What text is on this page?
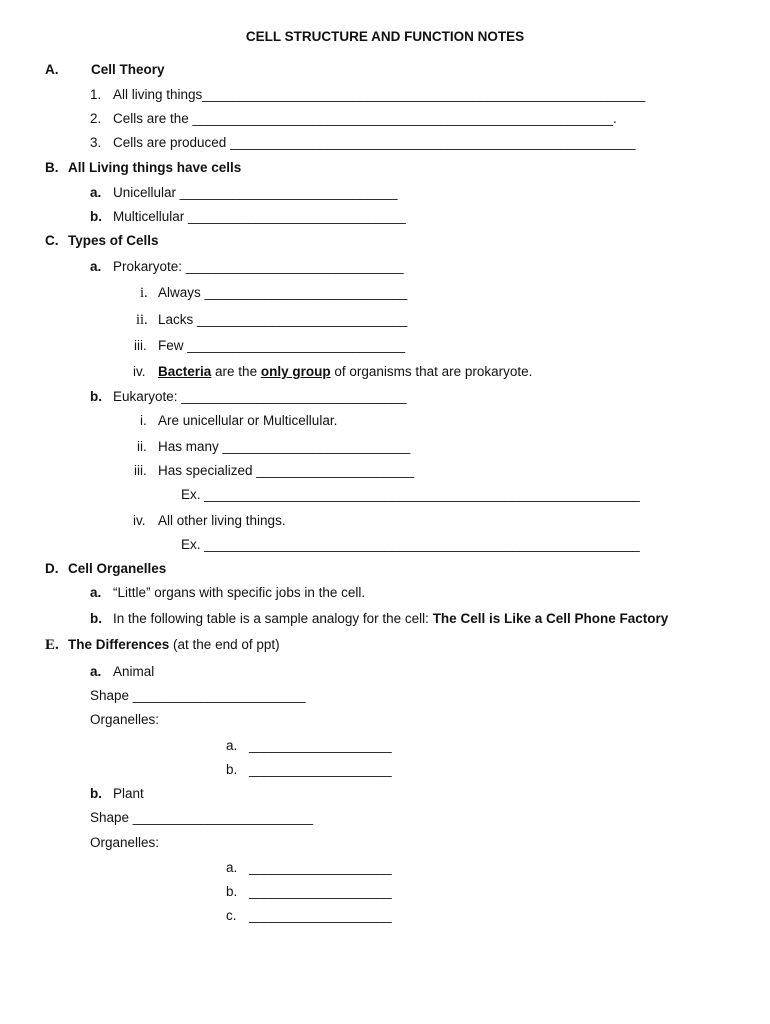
CELL STRUCTURE AND FUNCTION NOTES
A. Cell Theory
1. All living things___________________________________________________________
2. Cells are the ________________________________________________________.
3. Cells are produced ______________________________________________________
B. All Living things have cells
a. Unicellular _____________________________
b. Multicellular _____________________________
C. Types of Cells
a. Prokaryote: _____________________________
i. Always ___________________________
ii. Lacks ____________________________
iii. Few _____________________________
iv. Bacteria are the only group of organisms that are prokaryote.
b. Eukaryote: ______________________________
i. Are unicellular or Multicellular.
ii. Has many _________________________
iii. Has specialized _____________________
Ex. __________________________________________________________
iv. All other living things.
Ex. __________________________________________________________
D. Cell Organelles
a. “Little” organs with specific jobs in the cell.
b. In the following table is a sample analogy for the cell: The Cell is Like a Cell Phone Factory
E. The Differences (at the end of ppt)
a. Animal
Shape _______________________
Organelles:
a. ___________________
b. ___________________
b. Plant
Shape ________________________
Organelles:
a. ___________________
b. ___________________
c. ___________________
